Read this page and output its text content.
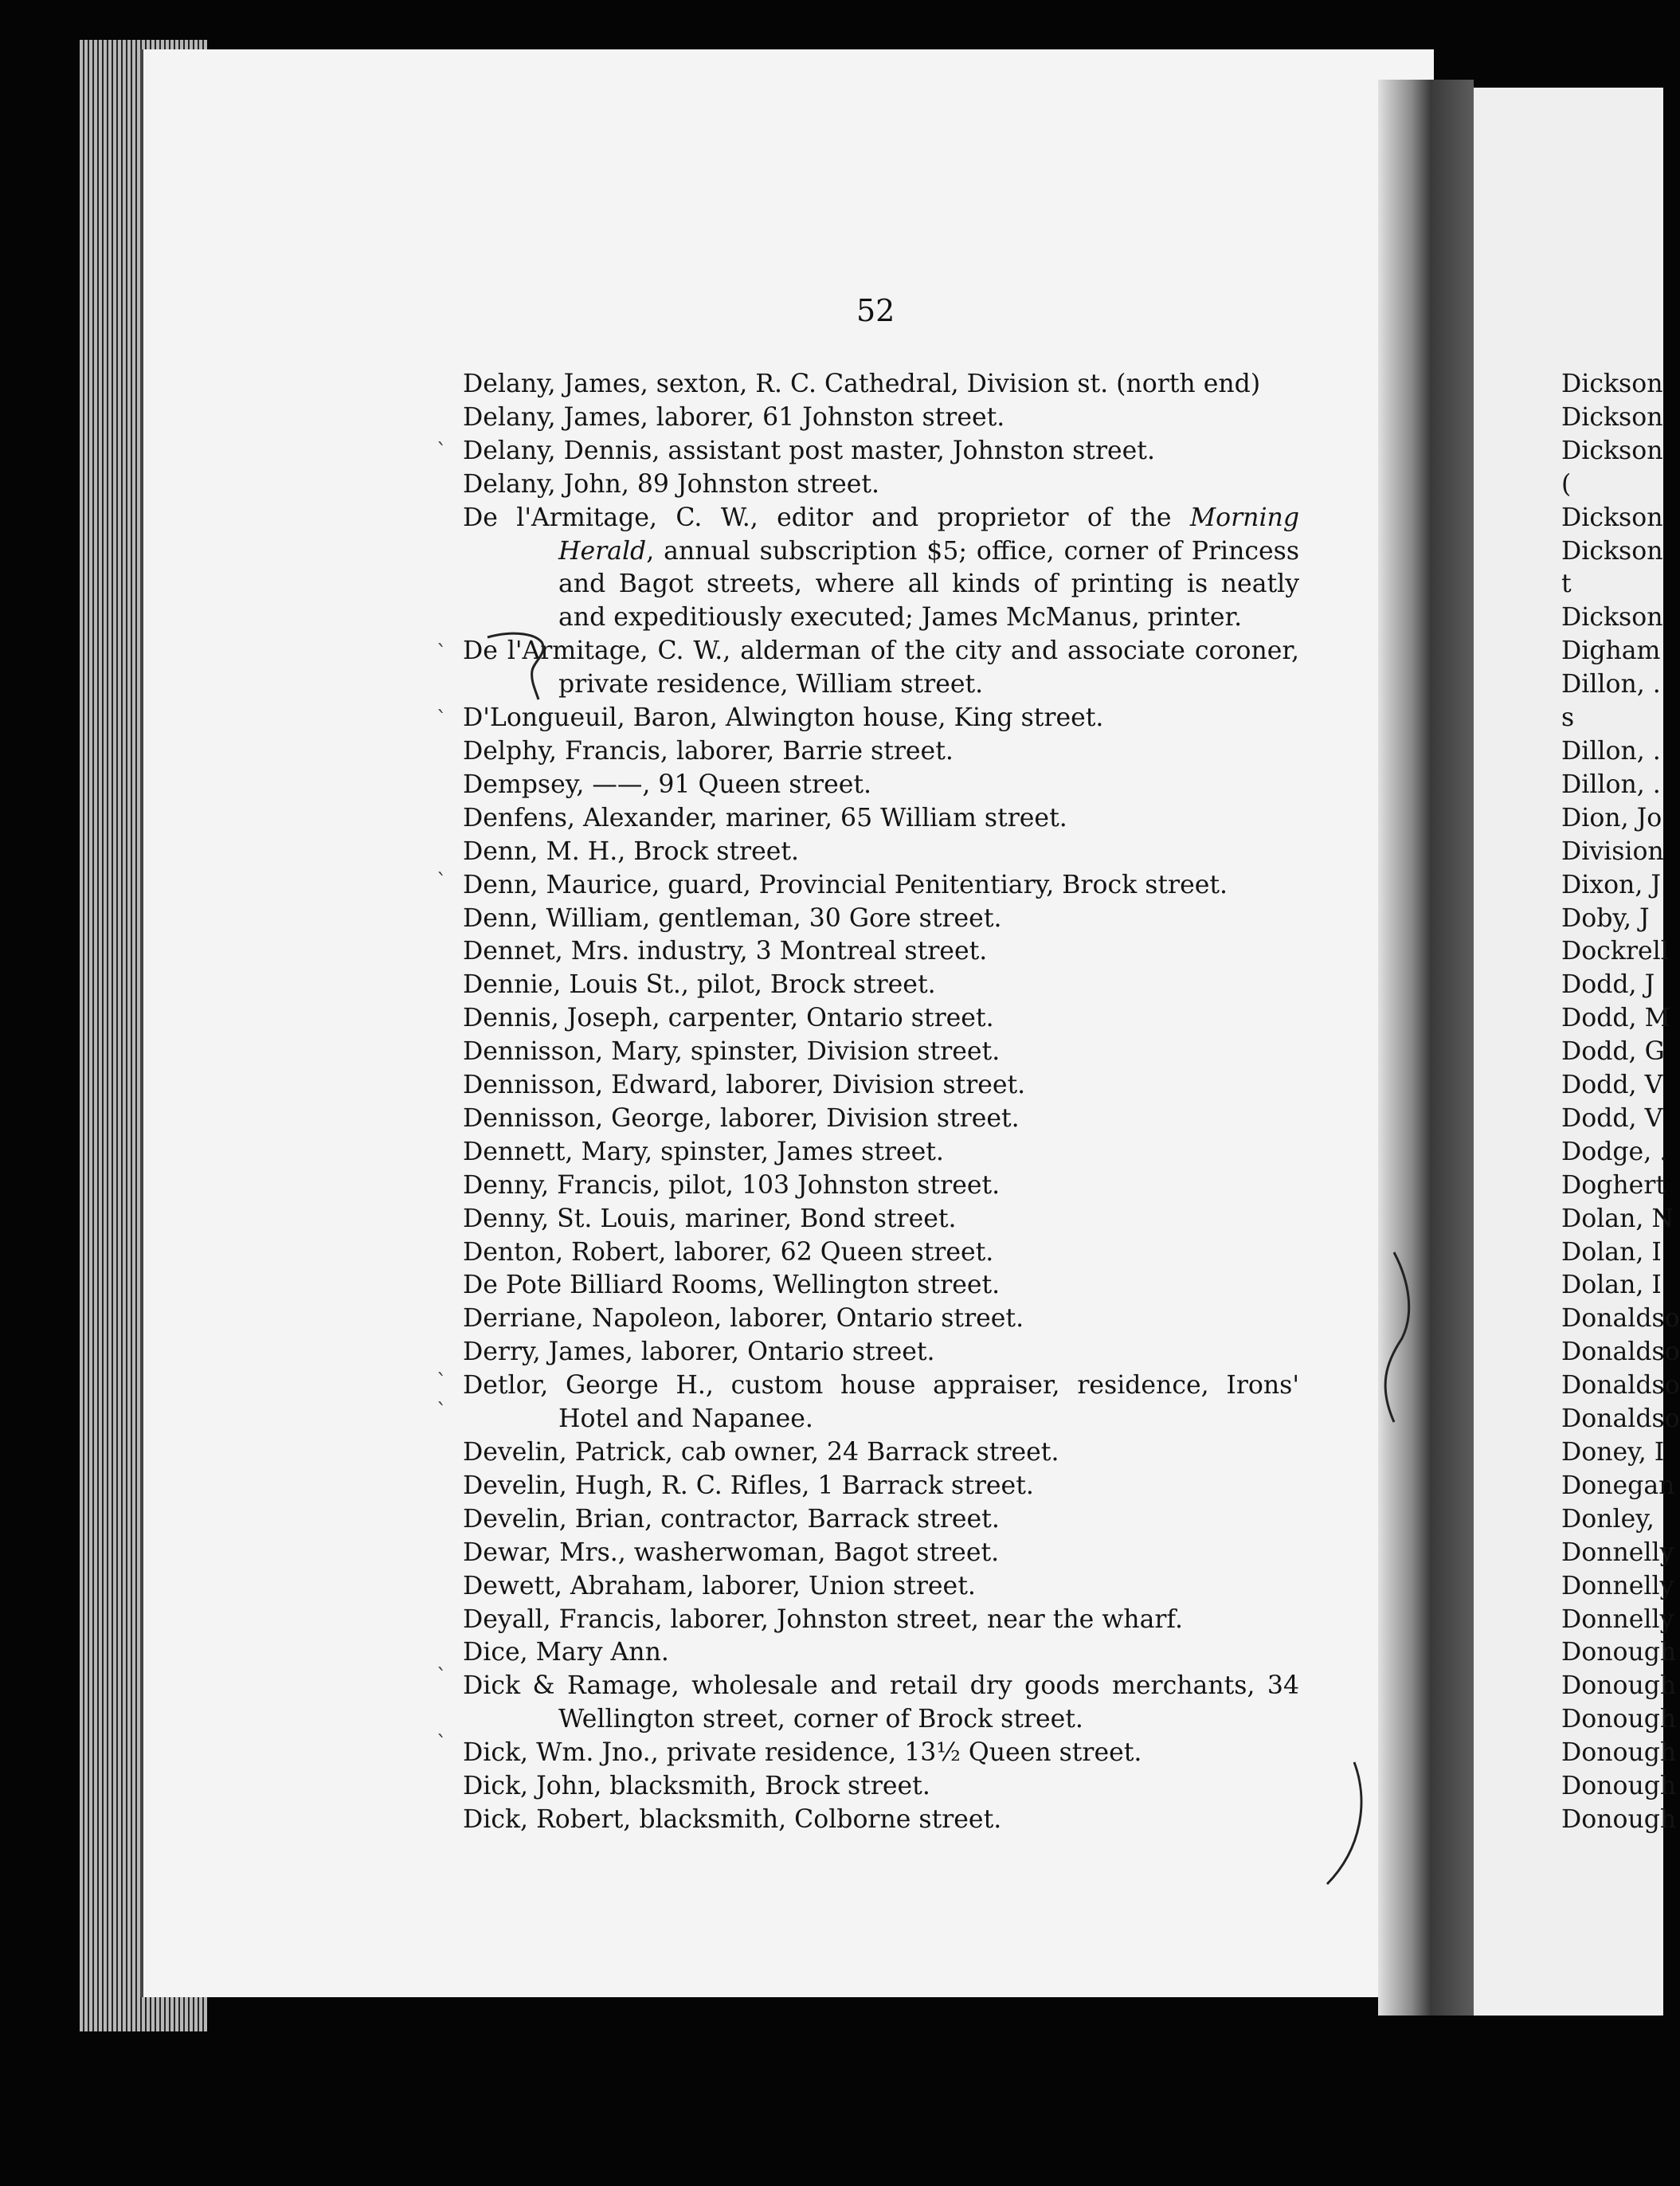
52
Delany, James, sexton, R. C. Cathedral, Division st. (north end)
Delany, James, laborer, 61 Johnston street.
Delany, Dennis, assistant post master, Johnston street.
Delany, John, 89 Johnston street.
De l'Armitage, C. W., editor and proprietor of the Morning Herald, annual subscription $5; office, corner of Princess and Bagot streets, where all kinds of printing is neatly and expeditiously executed; James McManus, printer.
De l'Armitage, C. W., alderman of the city and associate coroner, private residence, William street.
D'Longueuil, Baron, Alwington house, King street.
Delphy, Francis, laborer, Barrie street.
Dempsey, ——, 91 Queen street.
Denfens, Alexander, mariner, 65 William street.
Denn, M. H., Brock street.
Denn, Maurice, guard, Provincial Penitentiary, Brock street.
Denn, William, gentleman, 30 Gore street.
Dennet, Mrs. industry, 3 Montreal street.
Dennie, Louis St., pilot, Brock street.
Dennis, Joseph, carpenter, Ontario street.
Dennisson, Mary, spinster, Division street.
Dennisson, Edward, laborer, Division street.
Dennisson, George, laborer, Division street.
Dennett, Mary, spinster, James street.
Denny, Francis, pilot, 103 Johnston street.
Denny, St. Louis, mariner, Bond street.
Denton, Robert, laborer, 62 Queen street.
De Pote Billiard Rooms, Wellington street.
Derriane, Napoleon, laborer, Ontario street.
Derry, James, laborer, Ontario street.
Detlor, George H., custom house appraiser, residence, Irons' Hotel and Napanee.
Develin, Patrick, cab owner, 24 Barrack street.
Develin, Hugh, R. C. Rifles, 1 Barrack street.
Develin, Brian, contractor, Barrack street.
Dewar, Mrs., washerwoman, Bagot street.
Dewett, Abraham, laborer, Union street.
Deyall, Francis, laborer, Johnston street, near the wharf.
Dice, Mary Ann.
Dick & Ramage, wholesale and retail dry goods merchants, 34 Wellington street, corner of Brock street.
Dick, Wm. Jno., private residence, 13½ Queen street.
Dick, John, blacksmith, Brock street.
Dick, Robert, blacksmith, Colborne street.
Dickson
Dickson
Dickson
(
Dickson
Dickson
t
Dickson
Digham
Dillon, .
s
Dillon, .
Dillon, .
Dion, Jo
Division
Dixon, J
Doby, J
Dockrell
Dodd, J
Dodd, M
Dodd, G
Dodd, V
Dodd, V
Dodge, .
Doghert
Dolan, N
Dolan, I
Dolan, I
Donaldso
Donaldso
Donaldso
Donaldso
Doney, I
Donegan
Donley,
Donnelly
Donnelly
Donnelly
Donough
Donough
Donough
Donough
Donough
Donough
`
`
`
`
`
`
`
`
